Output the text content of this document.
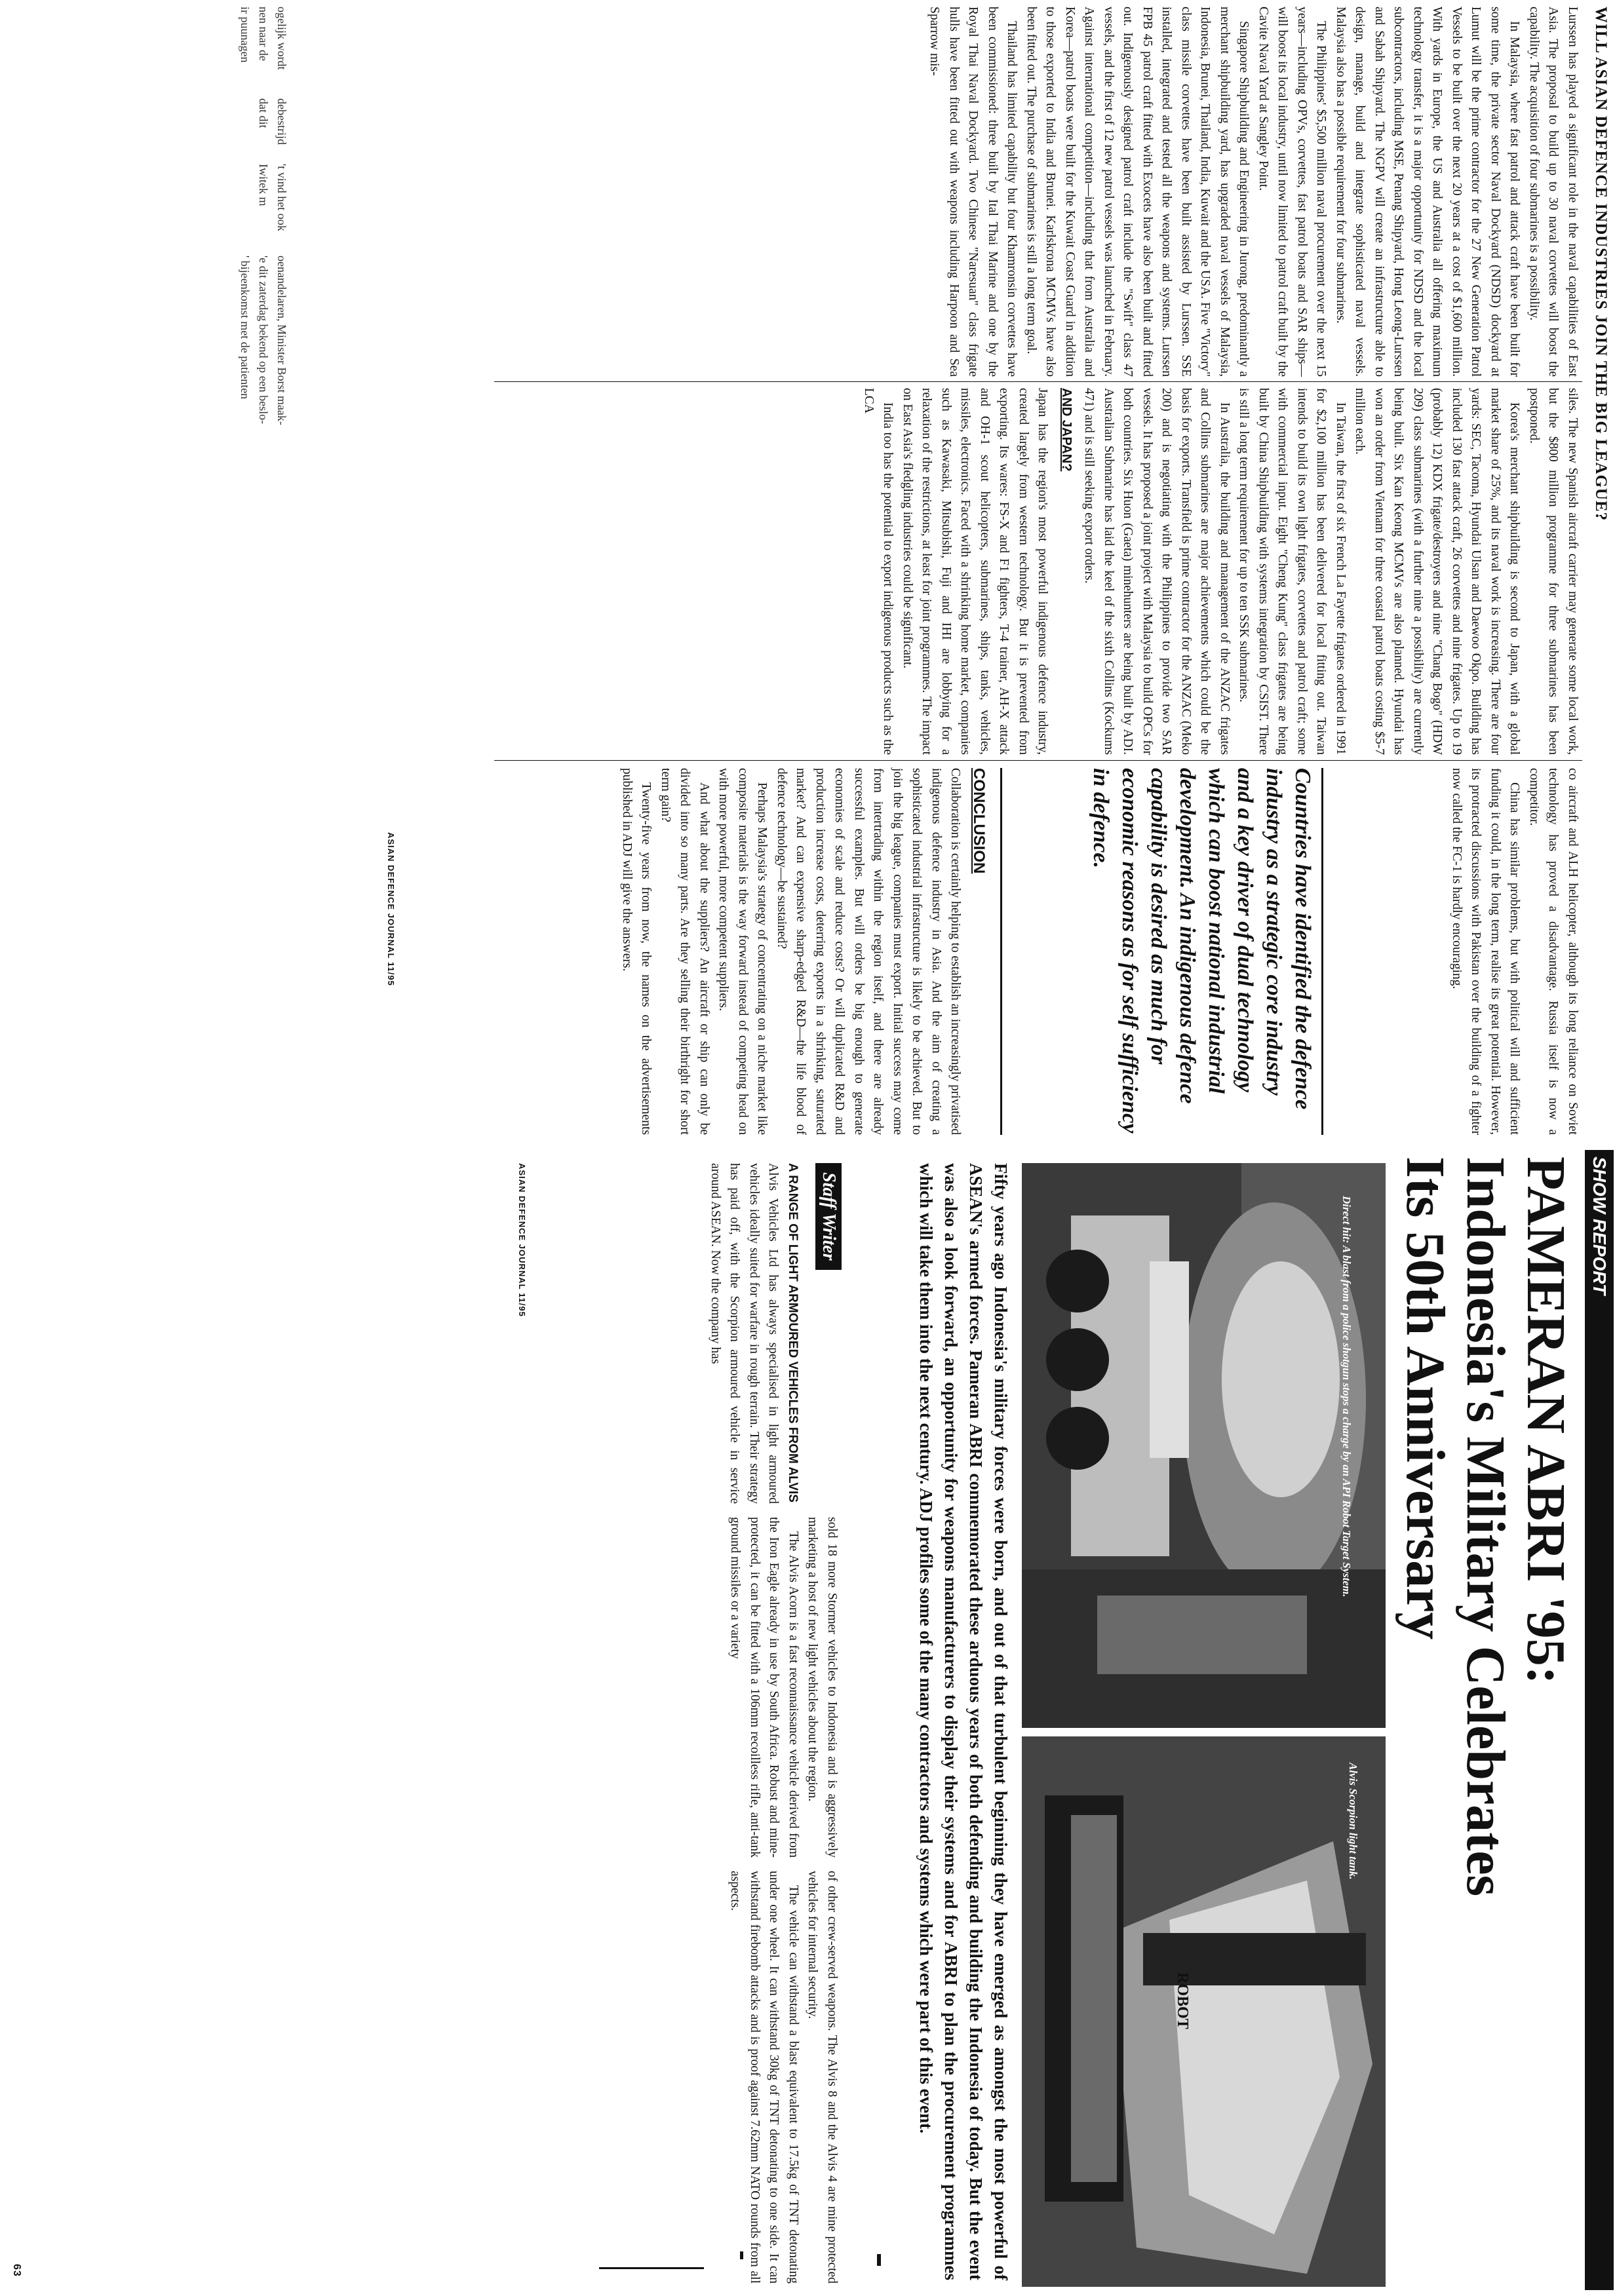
WILL ASIAN DEFENCE INDUSTRIES JOIN THE BIG LEAGUE?

Lurssen has played a significant role in the naval capabilities of East Asia. The proposal to build up to 30 naval corvettes will boost the capability. The acquisition of four submarines is a possibility.

In Malaysia, where fast patrol and attack craft have been built for some time, the private sector Naval Dockyard (NDSD) dockyard at Lumut will be the prime contractor for the 27 New Generation Patrol Vessels to be built over the next 20 years at a cost of $1,600 million. With yards in Europe, the US and Australia all offering maximum technology transfer, it is a major opportunity for NDSD and the local subcontractors, including MSE, Penang Shipyard, Hong Leong-Lurssen and Sabah Shipyard. The NGPV will create an infrastructure able to design, manage, build and integrate sophisticated naval vessels. Malaysia also has a possible requirement for four submarines.

The Philippines' $5,500 million naval procurement over the next 15 years—including OPVs, corvettes, fast patrol boats and SAR ships—will boost its local industry, until now limited to patrol craft built by the Cavite Naval Yard at Sangley Point.

Singapore Shipbuilding and Engineering in Jurong, predominantly a merchant shipbuilding yard, has upgraded naval vessels of Malaysia, Indonesia, Brunei, Thailand, India, Kuwait and the USA. Five "Victory" class missile corvettes have been built assisted by Lurssen. SSE installed, integrated and tested all the weapons and systems. Lurssen FPB 45 patrol craft fitted with Exocets have also been built and fitted out. Indigenously designed patrol craft include the "Swift" class 47 vessels, and the first of 12 new patrol vessels was launched in February. Against international competition—including that from Australia and Korea—patrol boats were built for the Kuwait Coast Guard in addition to those exported to India and Brunei. Karlskrona MCMVs have also been fitted out. The purchase of submarines is still a long term goal.

Thailand has limited capability but four Khamronsin corvettes have been commissioned: three built by Ital Thai Marine and one by the Royal Thai Naval Dockyard. Two Chinese "Naresuan" class frigate hulls have been fitted out with weapons including Harpoon and Sea Sparrow mis-

siles. The new Spanish aircraft carrier may generate some local work, but the $800 million programme for three submarines has been postponed.

Korea's merchant shipbuilding is second to Japan, with a global market share of 25%, and its naval work is increasing. There are four yards: SEC, Tacoma, Hyundai Ulsan and Daewoo Okpo. Building has included 130 fast attack craft, 26 corvettes and nine frigates. Up to 19 (probably 12) KDX frigate/destroyers and nine "Chang Bogo" (HDW 209) class submarines (with a further nine a possibility) are currently being built. Six Kan Keong MCMVs are also planned. Hyundai has won an order from Vietnam for three coastal patrol boats costing $5-7 million each.

In Taiwan, the first of six French La Fayette frigates ordered in 1991 for $2,100 million has been delivered for local fitting out. Taiwan intends to build its own light frigates, corvettes and patrol craft; some with commercial input. Eight "Cheng Kung" class frigates are being built by China Shipbuilding with systems integration by CSIST. There is still a long term requirement for up to ten SSK submarines.

In Australia, the building and management of the ANZAC frigates and Collins submarines are major achievements which could be the basis for exports. Transfield is prime contractor for the ANZAC (Meko 200) and is negotiating with the Philippines to provide two SAR vessels. It has proposed a joint project with Malaysia to build OPCs for both countries. Six Huon (Gaeta) minehunters are being built by ADI. Australian Submarine has laid the keel of the sixth Collins (Kockums 471) and is still seeking export orders.

AND JAPAN?

Japan has the region's most powerful indigenous defence industry, created largely from western technology. But it is prevented from exporting. Its wares: FS-X and F1 fighters, T-4 trainer, AH-X attack and OH-1 scout helicopters, submarines, ships, tanks, vehicles, missiles, electronics. Faced with a shrinking home market, companies such as Kawasaki, Mitsubishi, Fuji and IHI are lobbying for a relaxation of the restrictions, at least for joint programmes. The impact on East Asia's fledgling industries could be significant.

India too has the potential to export indigenous products such as the LCA

co aircraft and ALH helicopter, although its long reliance on Soviet technology has proved a disadvantage. Russia itself is now a competitor.

China has similar problems, but with political will and sufficient funding it could, in the long term, realise its great potential. However, its protracted discussions with Pakistan over the building of a fighter now called the FC-1 is hardly encouraging.

Countries have identified the defence industry as a strategic core industry and a key driver of dual technology which can boost national industrial development. An indigenous defence capability is desired as much for economic reasons as for self sufficiency in defence.
CONCLUSION

Collaboration is certainly helping to establish an increasingly privatised indigenous defence industry in Asia. And the aim of creating a sophisticated industrial infrastructure is likely to be achieved. But to join the big league, companies must export. Initial success may come from intertrading within the region itself, and there are already successful examples. But will orders be big enough to generate economies of scale and reduce costs? Or will duplicated R&D and production increase costs, deterring exports in a shrinking, saturated market? And can expensive sharp-edged R&D—the life blood of defence technology—be sustained?

Perhaps Malaysia's strategy of concentrating on a niche market like composite materials is the way forward instead of competing head on with more powerful, more competent suppliers.

And what about the suppliers? An aircraft or ship can only be divided into so many parts. Are they selling their birthright for short term gain?

Twenty-five years from now, the names on the advertisements published in ADJ will give the answers.

ASIAN DEFENCE JOURNAL 11/95
ogelijk wordt
nen naar de
ir puunagen
debestrijd
dat dit
't vind het ook
Iwitek m
oenandelaren, Minister Borst maak-
'e dit zaterdag bekend op een beslo-
' bijeenkomst met de patienten
SHOW REPORT
PAMERAN ABRI '95:
Indonesia's Military Celebrates
Its 50th Anniversary
Direct hit: A blast from a police shotgun stops a charge by an API Robot Target System.
Alvis Scorpion light tank.
ROBOT
Fifty years ago Indonesia's military forces were born, and out of that turbulent beginning they have emerged as amongst the most powerful of ASEAN's armed forces. Pameran ABRI commemorated these arduous years of both defending and building the Indonesia of today. But the event was also a look forward, an opportunity for weapons manufacturers to display their systems and for ABRI to plan the procurement programmes which will take them into the next century. ADJ profiles some of the many contractors and systems which were part of this event.
Staff Writer
A RANGE OF LIGHT ARMOURED VEHICLES FROM ALVIS

Alvis Vehicles Ltd has always specialised in light armoured vehicles ideally suited for warfare in rough terrain. Their strategy has paid off, with the Scorpion armoured vehicle in service around ASEAN. Now the company has

sold 18 more Stormer vehicles to Indonesia and is aggressively marketing a host of new light vehicles about the region.

The Alvis Acorn is a fast reconnaissance vehicle derived from the Iron Eagle already in use by South Africa. Robust and mine-protected, it can be fitted with a 106mm recoilless rifle, anti-tank ground missiles or a variety

of other crew-served weapons. The Alvis 8 and the Alvis 4 are mine protected vehicles for internal security.

The vehicle can withstand a blast equivalent to 17.5kg of TNT detonating under one wheel. It can withstand 30kg of TNT detonating to one side. It can withstand firebomb attacks and is proof against 7.62mm NATO rounds from all aspects.

ASIAN DEFENCE JOURNAL 11/95
63
